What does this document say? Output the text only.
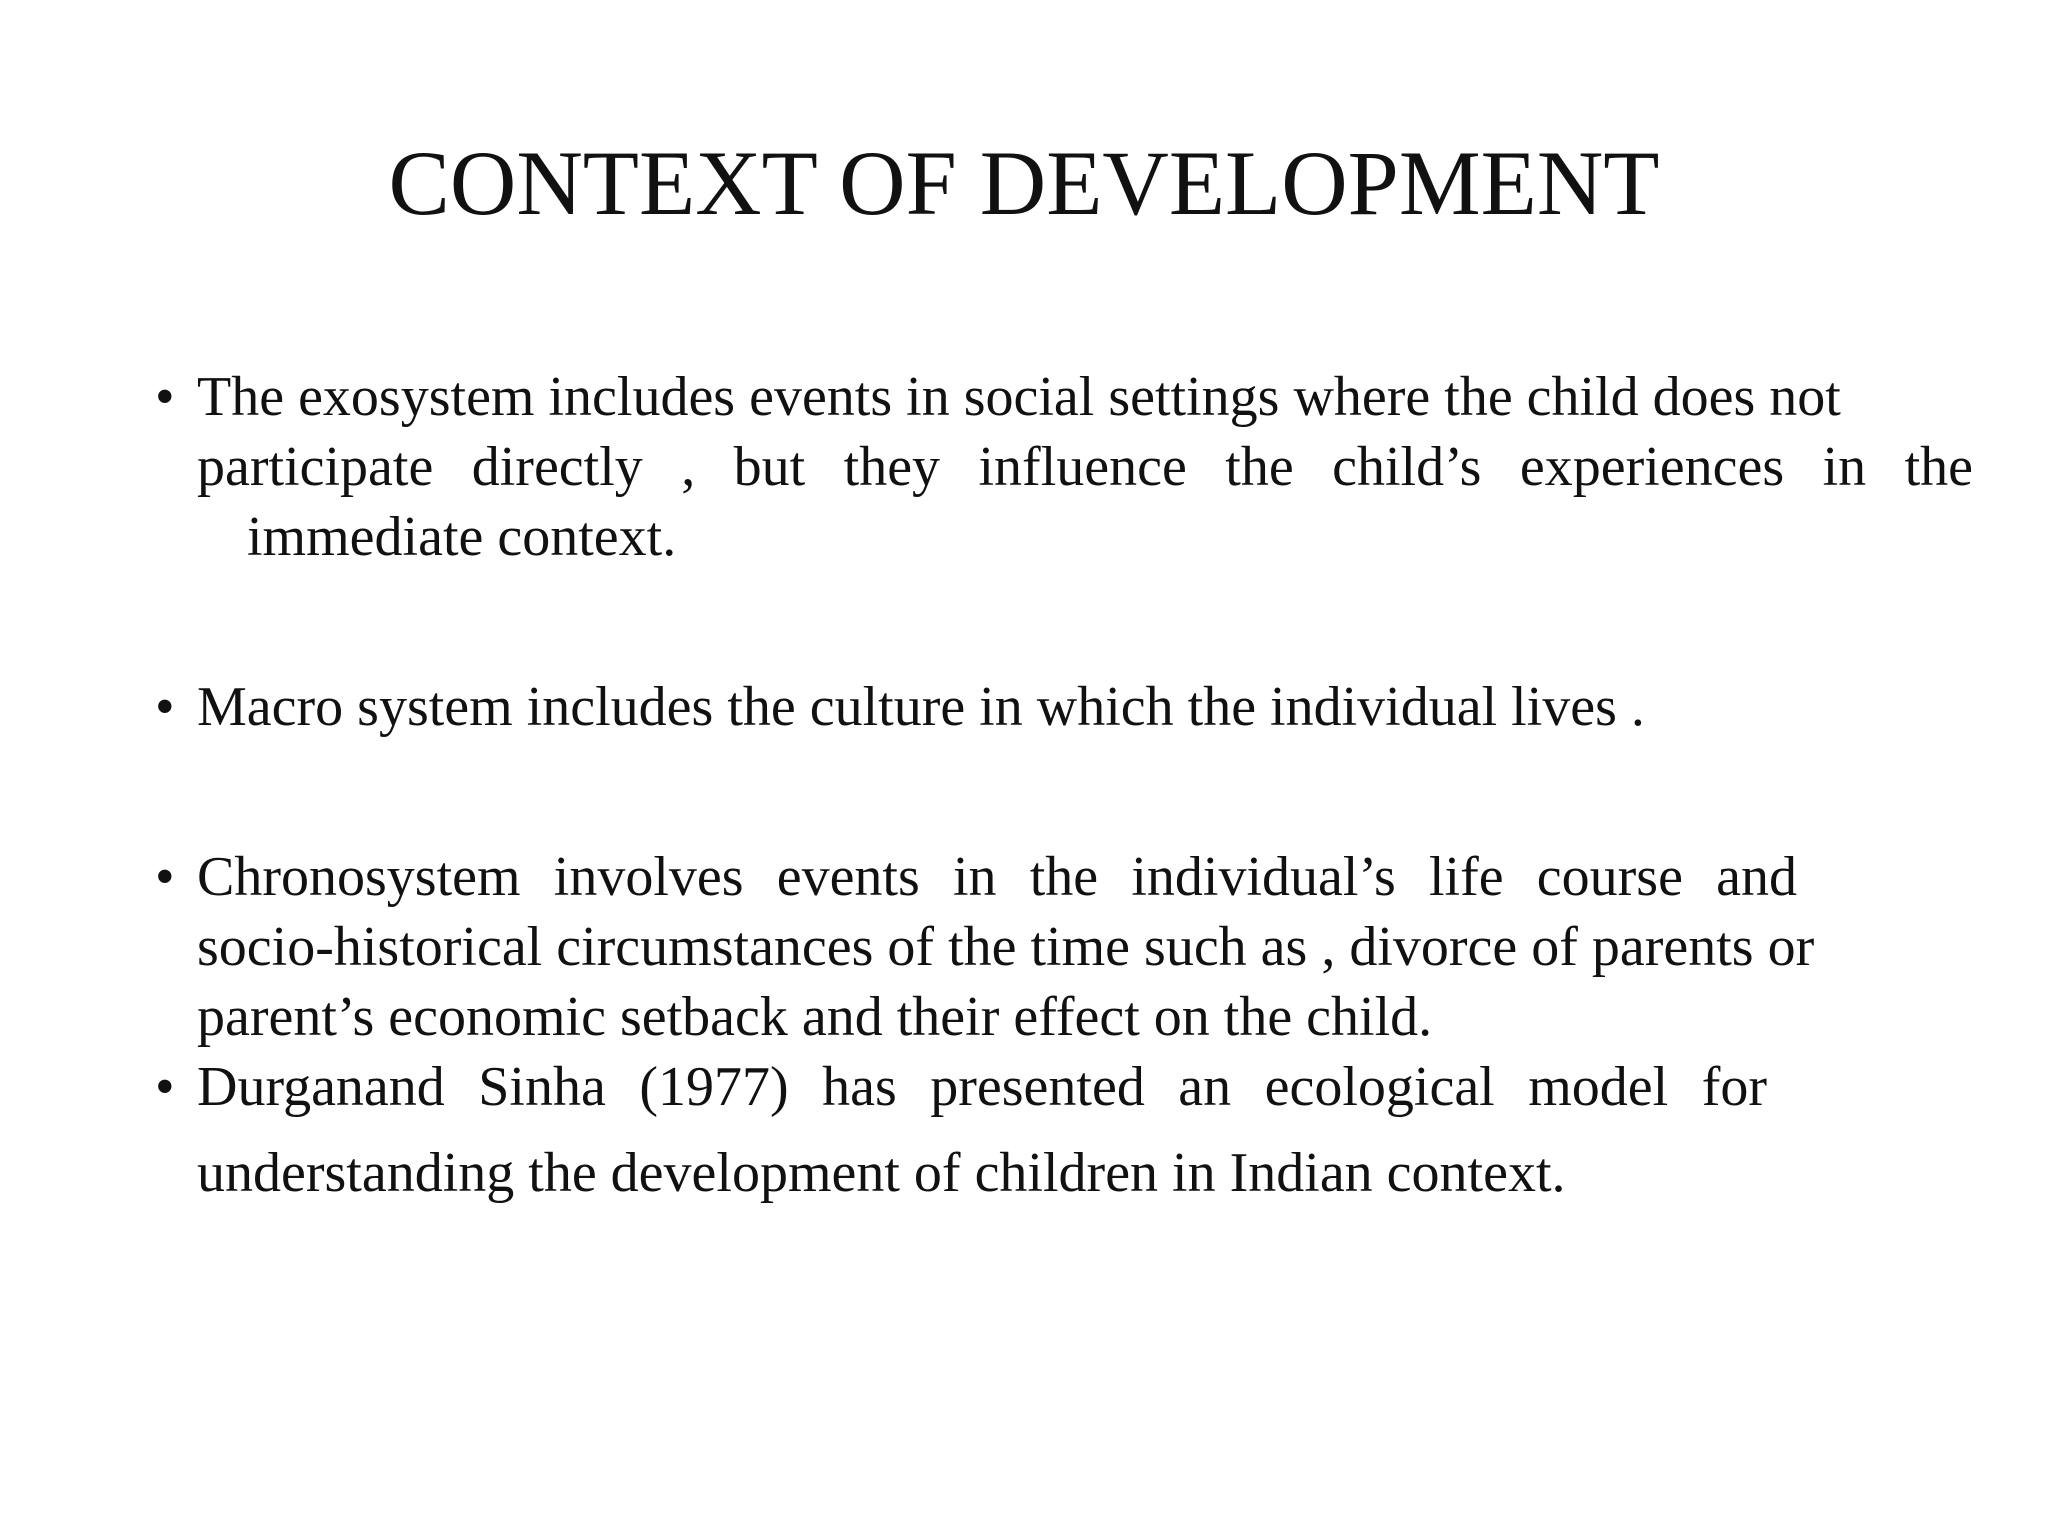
CONTEXT OF DEVELOPMENT
• The exosystem includes events in social settings where the child does not
participate directly , but they influence the child’s experiences in the
immediate context.
• Macro system includes the culture in which the individual lives .
• Chronosystem involves events in the individual’s life course and
socio-historical circumstances of the time such as , divorce of parents or
parent’s economic setback and their effect on the child.
• Durganand Sinha (1977) has presented an ecological model for
understanding the development of children in Indian context.
